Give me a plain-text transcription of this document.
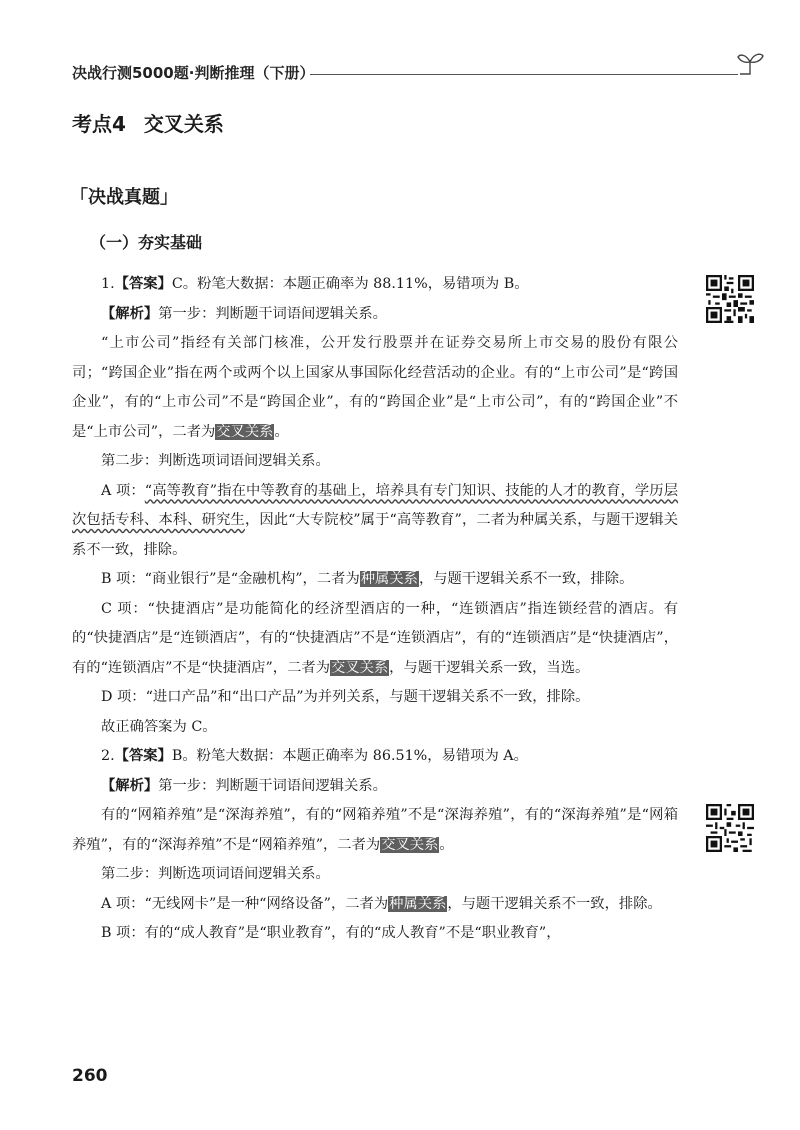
决战行测5000题·判断推理（下册）
考点4 交叉关系
「决战真题」
（一）夯实基础

1.【答案】C。粉笔大数据：本题正确率为 88.11%，易错项为 B。

【解析】第一步：判断题干词语间逻辑关系。

“上市公司”指经有关部门核准，公开发行股票并在证券交易所上市交易的股份有限公司；“跨国企业”指在两个或两个以上国家从事国际化经营活动的企业。有的“上市公司”是“跨国企业”，有的“上市公司”不是“跨国企业”，有的“跨国企业”是“上市公司”，有的“跨国企业”不是“上市公司”，二者为交叉关系。

第二步：判断选项词语间逻辑关系。

A 项：“高等教育”指在中等教育的基础上，培养具有专门知识、技能的人才的教育，学历层次包括专科、本科、研究生，因此“大专院校”属于“高等教育”，二者为种属关系，与题干逻辑关系不一致，排除。

B 项：“商业银行”是“金融机构”，二者为种属关系，与题干逻辑关系不一致，排除。

C 项：“快捷酒店”是功能简化的经济型酒店的一种，“连锁酒店”指连锁经营的酒店。有的“快捷酒店”是“连锁酒店”，有的“快捷酒店”不是“连锁酒店”，有的“连锁酒店”是“快捷酒店”，有的“连锁酒店”不是“快捷酒店”，二者为交叉关系，与题干逻辑关系一致，当选。

D 项：“进口产品”和“出口产品”为并列关系，与题干逻辑关系不一致，排除。

故正确答案为 C。

2.【答案】B。粉笔大数据：本题正确率为 86.51%，易错项为 A。

【解析】第一步：判断题干词语间逻辑关系。

有的“网箱养殖”是“深海养殖”，有的“网箱养殖”不是“深海养殖”，有的“深海养殖”是“网箱养殖”，有的“深海养殖”不是“网箱养殖”，二者为交叉关系。

第二步：判断选项词语间逻辑关系。

A 项：“无线网卡”是一种“网络设备”，二者为种属关系，与题干逻辑关系不一致，排除。

B 项：有的“成人教育”是“职业教育”，有的“成人教育”不是“职业教育”，

260
